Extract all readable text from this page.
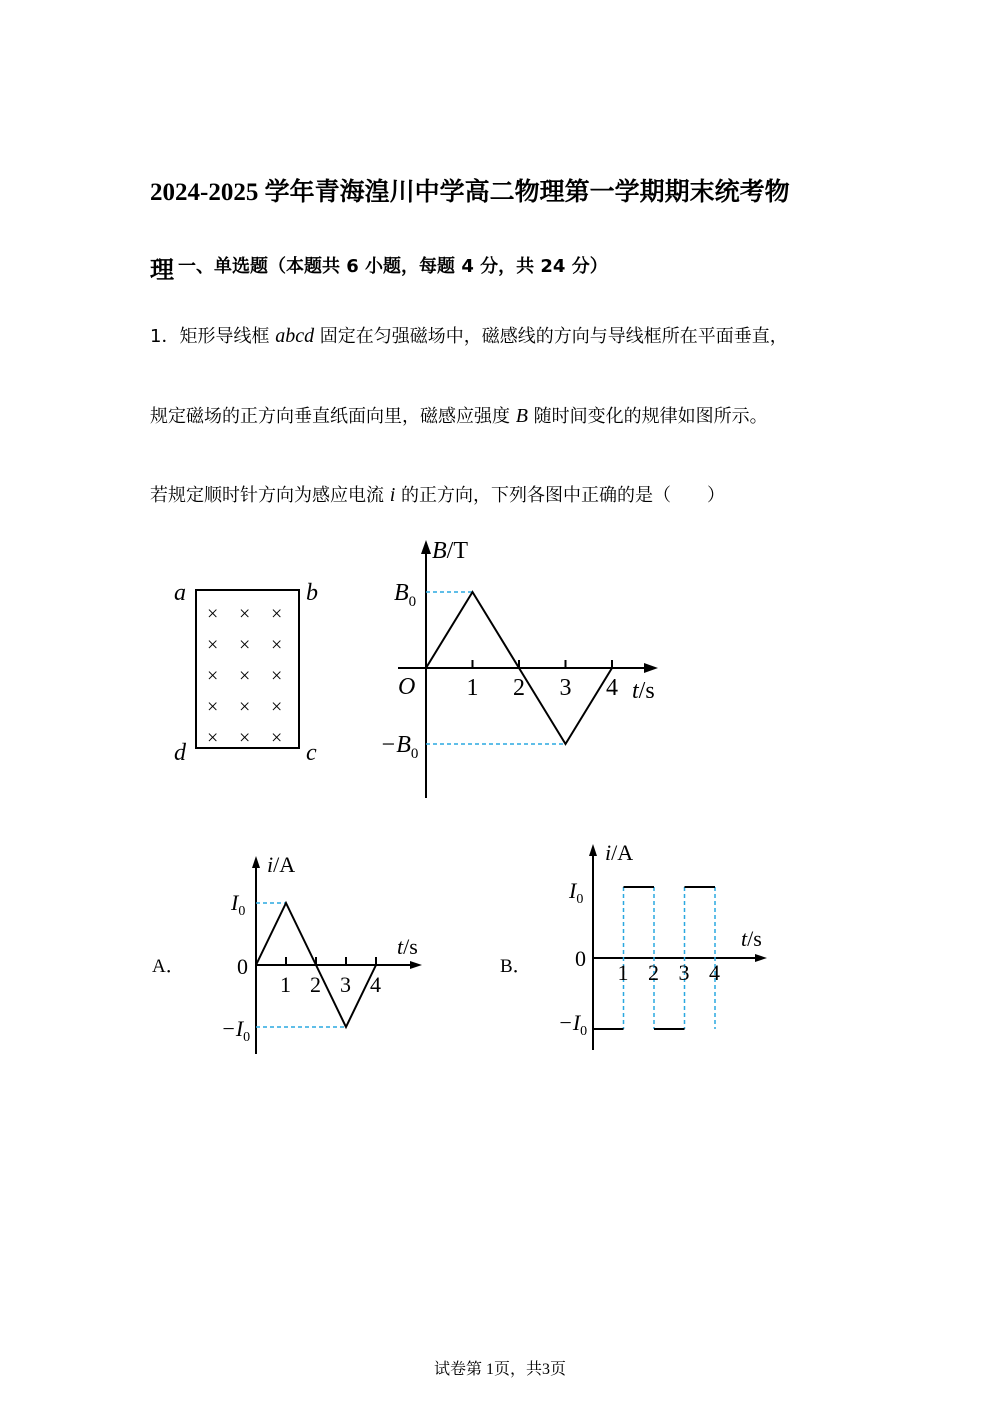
2024-2025 学年青海湟川中学高二物理第一学期期末统考物
理 一、单选题（本题共 6 小题，每题 4 分，共 24 分）
1．矩形导线框 abcd 固定在匀强磁场中，磁感线的方向与导线框所在平面垂直，
规定磁场的正方向垂直纸面向里，磁感应强度 B 随时间变化的规律如图所示。
若规定顺时针方向为感应电流 i 的正方向，下列各图中正确的是（　　）
a	b
c
d
× × ×
× × ×
× × ×
× × ×
× × ×
B/T
t/s
O
$B_0$
$-B_0$
1 2 3 4
A．
i/A
t/s
0
$I_0$
$-I_0$
1 2 3 4
B．
i/A
t/s
0
$I_0$
$-I_0$
1 2 3 4
试卷第 1页，共3页
